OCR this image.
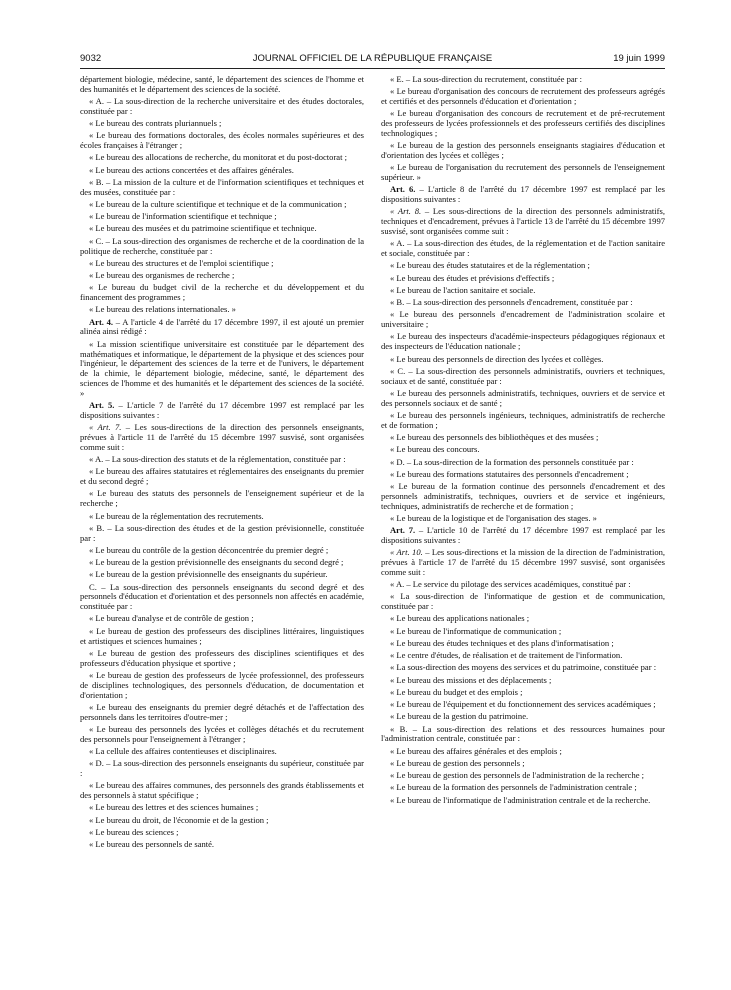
9032	JOURNAL OFFICIEL DE LA RÉPUBLIQUE FRANÇAISE	19 juin 1999

département biologie, médecine, santé, le département des sciences de l'homme et des humanités et le département des sciences de la société.

« A. – La sous-direction de la recherche universitaire et des études doctorales, constituée par :

« Le bureau des contrats pluriannuels ;

« Le bureau des formations doctorales, des écoles normales supérieures et des écoles françaises à l'étranger ;

« Le bureau des allocations de recherche, du monitorat et du post-doctorat ;

« Le bureau des actions concertées et des affaires générales.

« B. – La mission de la culture et de l'information scientifiques et techniques et des musées, constituée par :

« Le bureau de la culture scientifique et technique et de la communication ;

« Le bureau de l'information scientifique et technique ;

« Le bureau des musées et du patrimoine scientifique et technique.

« C. – La sous-direction des organismes de recherche et de la coordination de la politique de recherche, constituée par :

« Le bureau des structures et de l'emploi scientifique ;

« Le bureau des organismes de recherche ;

« Le bureau du budget civil de la recherche et du développement et du financement des programmes ;

« Le bureau des relations internationales. »

Art. 4. – A l'article 4 de l'arrêté du 17 décembre 1997, il est ajouté un premier alinéa ainsi rédigé :

« La mission scientifique universitaire est constituée par le département des mathématiques et informatique, le département de la physique et des sciences pour l'ingénieur, le département des sciences de la terre et de l'univers, le département de la chimie, le département biologie, médecine, santé, le département des sciences de l'homme et des humanités et le département des sciences de la société. »

Art. 5. – L'article 7 de l'arrêté du 17 décembre 1997 est remplacé par les dispositions suivantes :

« Art. 7. – Les sous-directions de la direction des personnels enseignants, prévues à l'article 11 de l'arrêté du 15 décembre 1997 susvisé, sont organisées comme suit :

« A. – La sous-direction des statuts et de la réglementation, constituée par :

« Le bureau des affaires statutaires et réglementaires des enseignants du premier et du second degré ;

« Le bureau des statuts des personnels de l'enseignement supérieur et de la recherche ;

« Le bureau de la réglementation des recrutements.

« B. – La sous-direction des études et de la gestion prévisionnelle, constituée par :

« Le bureau du contrôle de la gestion déconcentrée du premier degré ;

« Le bureau de la gestion prévisionnelle des enseignants du second degré ;

« Le bureau de la gestion prévisionnelle des enseignants du supérieur.

C. – La sous-direction des personnels enseignants du second degré et des personnels d'éducation et d'orientation et des personnels non affectés en académie, constituée par :

« Le bureau d'analyse et de contrôle de gestion ;

« Le bureau de gestion des professeurs des disciplines littéraires, linguistiques et artistiques et sciences humaines ;

« Le bureau de gestion des professeurs des disciplines scientifiques et des professeurs d'éducation physique et sportive ;

« Le bureau de gestion des professeurs de lycée professionnel, des professeurs de disciplines technologiques, des personnels d'éducation, de documentation et d'orientation ;

« Le bureau des enseignants du premier degré détachés et de l'affectation des personnels dans les territoires d'outre-mer ;

« Le bureau des personnels des lycées et collèges détachés et du recrutement des personnels pour l'enseignement à l'étranger ;

« La cellule des affaires contentieuses et disciplinaires.

« D. – La sous-direction des personnels enseignants du supérieur, constituée par :

« Le bureau des affaires communes, des personnels des grands établissements et des personnels à statut spécifique ;

« Le bureau des lettres et des sciences humaines ;

« Le bureau du droit, de l'économie et de la gestion ;

« Le bureau des sciences ;

« Le bureau des personnels de santé.

« E. – La sous-direction du recrutement, constituée par :

« Le bureau d'organisation des concours de recrutement des professeurs agrégés et certifiés et des personnels d'éducation et d'orientation ;

« Le bureau d'organisation des concours de recrutement et de pré-recrutement des professeurs de lycées professionnels et des professeurs certifiés des disciplines technologiques ;

« Le bureau de la gestion des personnels enseignants stagiaires d'éducation et d'orientation des lycées et collèges ;

« Le bureau de l'organisation du recrutement des personnels de l'enseignement supérieur. »

Art. 6. – L'article 8 de l'arrêté du 17 décembre 1997 est remplacé par les dispositions suivantes :

« Art. 8. – Les sous-directions de la direction des personnels administratifs, techniques et d'encadrement, prévues à l'article 13 de l'arrêté du 15 décembre 1997 susvisé, sont organisées comme suit :

« A. – La sous-direction des études, de la réglementation et de l'action sanitaire et sociale, constituée par :

« Le bureau des études statutaires et de la réglementation ;

« Le bureau des études et prévisions d'effectifs ;

« Le bureau de l'action sanitaire et sociale.

« B. – La sous-direction des personnels d'encadrement, constituée par :

« Le bureau des personnels d'encadrement de l'administration scolaire et universitaire ;

« Le bureau des inspecteurs d'académie-inspecteurs pédagogiques régionaux et des inspecteurs de l'éducation nationale ;

« Le bureau des personnels de direction des lycées et collèges.

« C. – La sous-direction des personnels administratifs, ouvriers et techniques, sociaux et de santé, constituée par :

« Le bureau des personnels administratifs, techniques, ouvriers et de service et des personnels sociaux et de santé ;

« Le bureau des personnels ingénieurs, techniques, administratifs de recherche et de formation ;

« Le bureau des personnels des bibliothèques et des musées ;

« Le bureau des concours.

« D. – La sous-direction de la formation des personnels constituée par :

« Le bureau des formations statutaires des personnels d'encadrement ;

« Le bureau de la formation continue des personnels d'encadrement et des personnels administratifs, techniques, ouvriers et de service et ingénieurs, techniques, administratifs de recherche et de formation ;

« Le bureau de la logistique et de l'organisation des stages. »

Art. 7. – L'article 10 de l'arrêté du 17 décembre 1997 est remplacé par les dispositions suivantes :

« Art. 10. – Les sous-directions et la mission de la direction de l'administration, prévues à l'article 17 de l'arrêté du 15 décembre 1997 susvisé, sont organisées comme suit :

« A. – Le service du pilotage des services académiques, constitué par :

« La sous-direction de l'informatique de gestion et de communication, constituée par :

« Le bureau des applications nationales ;

« Le bureau de l'informatique de communication ;

« Le bureau des études techniques et des plans d'informatisation ;

« Le centre d'études, de réalisation et de traitement de l'information.

« La sous-direction des moyens des services et du patrimoine, constituée par :

« Le bureau des missions et des déplacements ;

« Le bureau du budget et des emplois ;

« Le bureau de l'équipement et du fonctionnement des services académiques ;

« Le bureau de la gestion du patrimoine.

« B. – La sous-direction des relations et des ressources humaines pour l'administration centrale, constituée par :

« Le bureau des affaires générales et des emplois ;

« Le bureau de gestion des personnels ;

« Le bureau de gestion des personnels de l'administration de la recherche ;

« Le bureau de la formation des personnels de l'administration centrale ;

« Le bureau de l'informatique de l'administration centrale et de la recherche.
